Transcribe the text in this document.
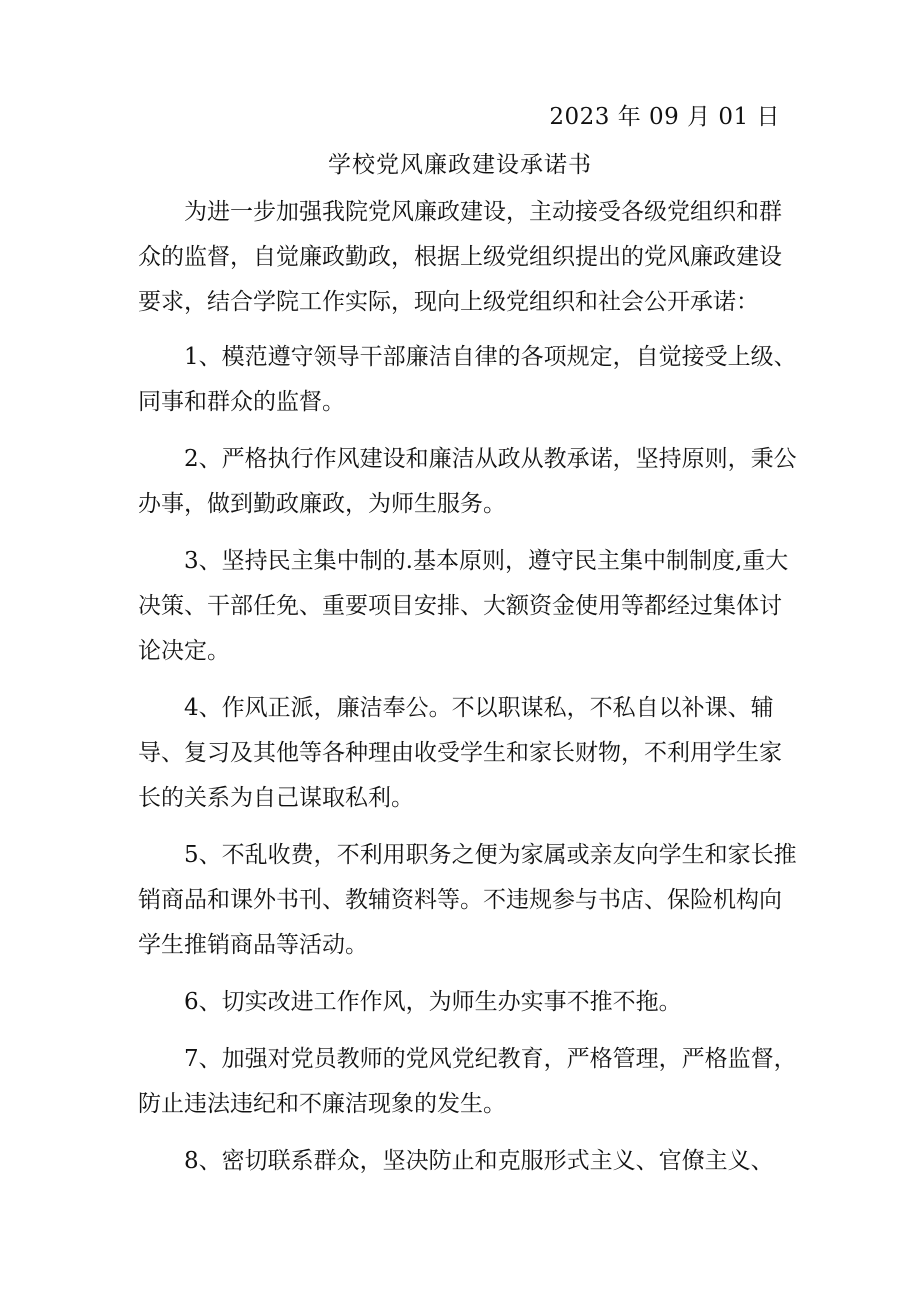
2023 年 09 月 01 日
学校党风廉政建设承诺书

为进一步加强我院党风廉政建设，主动接受各级党组织和群众的监督，自觉廉政勤政，根据上级党组织提出的党风廉政建设要求，结合学院工作实际，现向上级党组织和社会公开承诺：

1、模范遵守领导干部廉洁自律的各项规定，自觉接受上级、同事和群众的监督。

2、严格执行作风建设和廉洁从政从教承诺，坚持原则，秉公办事，做到勤政廉政，为师生服务。

3、坚持民主集中制的.基本原则，遵守民主集中制制度,重大决策、干部任免、重要项目安排、大额资金使用等都经过集体讨论决定。

4、作风正派，廉洁奉公。不以职谋私，不私自以补课、辅导、复习及其他等各种理由收受学生和家长财物，不利用学生家长的关系为自己谋取私利。

5、不乱收费，不利用职务之便为家属或亲友向学生和家长推销商品和课外书刊、教辅资料等。不违规参与书店、保险机构向学生推销商品等活动。

6、切实改进工作作风，为师生办实事不推不拖。

7、加强对党员教师的党风党纪教育，严格管理，严格监督，防止违法违纪和不廉洁现象的发生。

8、密切联系群众，坚决防止和克服形式主义、官僚主义、
